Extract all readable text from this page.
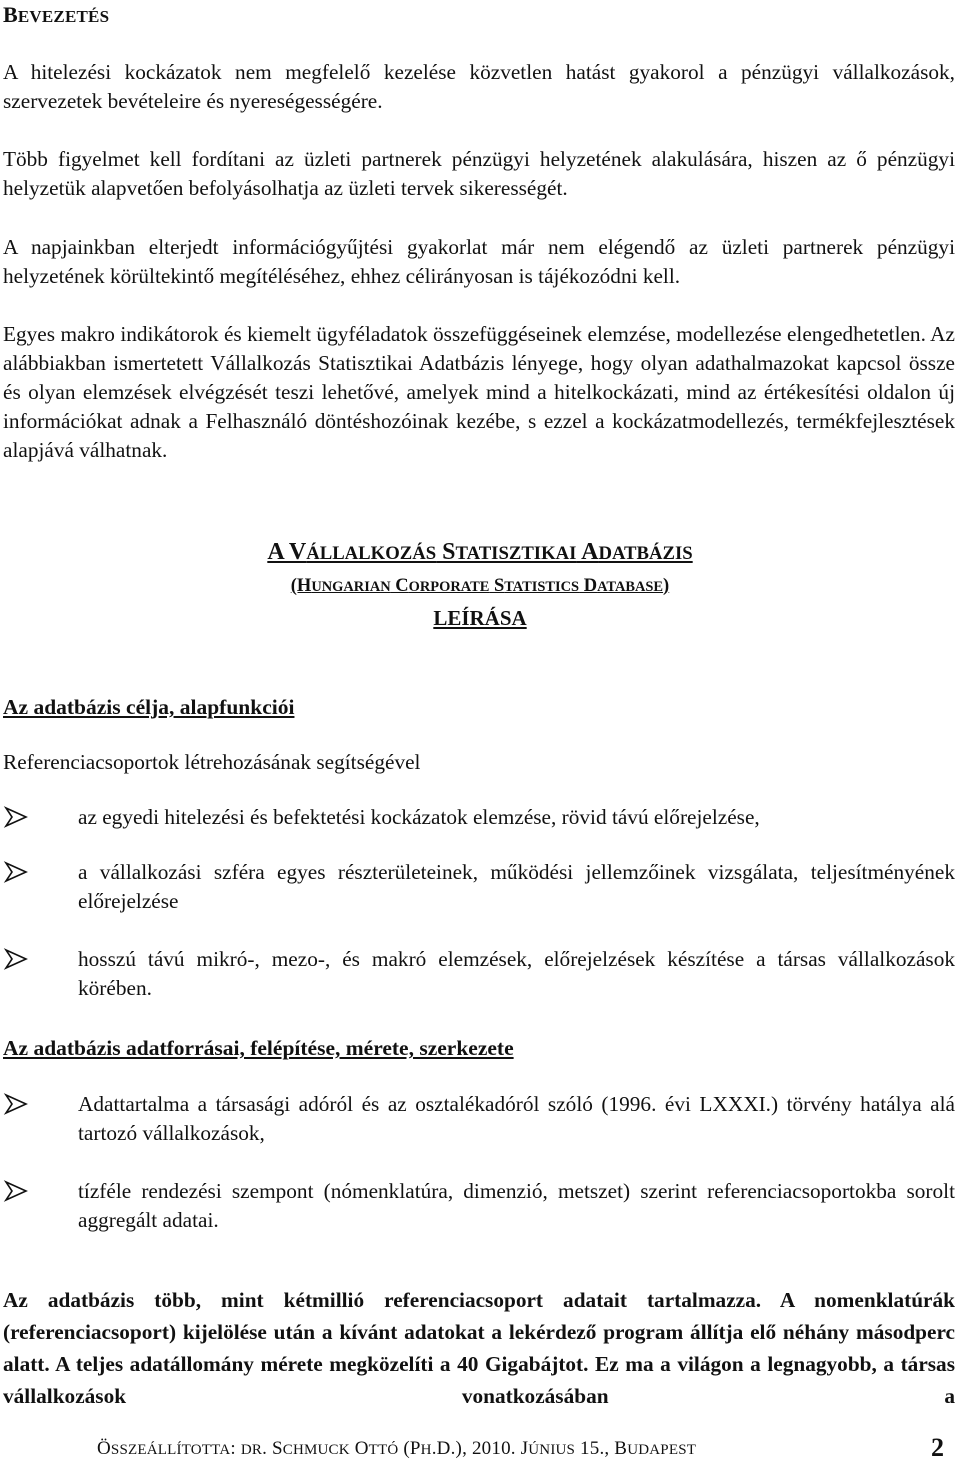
BEVEZETÉS

A hitelezési kockázatok nem megfelelő kezelése közvetlen hatást gyakorol a pénzügyi vállalkozások, szervezetek bevételeire és nyereségességére.

Több figyelmet kell fordítani az üzleti partnerek pénzügyi helyzetének alakulására, hiszen az ő pénzügyi helyzetük alapvetően befolyásolhatja az üzleti tervek sikerességét.

A napjainkban elterjedt információgyűjtési gyakorlat már nem elégendő az üzleti partnerek pénzügyi helyzetének körültekintő megítéléséhez, ehhez célirányosan is tájékozódni kell.

Egyes makro indikátorok és kiemelt ügyféladatok összefüggéseinek elemzése, modellezése elengedhetetlen. Az alábbiakban ismertetett Vállalkozás Statisztikai Adatbázis lényege, hogy olyan adathalmazokat kapcsol össze és olyan elemzések elvégzését teszi lehetővé, amelyek mind a hitelkockázati, mind az értékesítési oldalon új információkat adnak a Felhasználó döntéshozóinak kezébe, s ezzel a kockázatmodellezés, termékfejlesztések alapjává válhatnak.

A VÁLLALKOZÁS STATISZTIKAI ADATBÁZIS
(HUNGARIAN CORPORATE STATISTICS DATABASE)
LEÍRÁSA
Az adatbázis célja, alapfunkciói
Referenciacsoportok létrehozásának segítségével
az egyedi hitelezési és befektetési kockázatok elemzése, rövid távú előrejelzése,
a vállalkozási szféra egyes részterületeinek, működési jellemzőinek vizsgálata, teljesítményének előrejelzése
hosszú távú mikró-, mezo-, és makró elemzések, előrejelzések készítése a társas vállalkozások körében.
Az adatbázis adatforrásai, felépítése, mérete, szerkezete
Adattartalma a társasági adóról és az osztalékadóról szóló (1996. évi LXXXI.) törvény hatálya alá tartozó vállalkozások,
tízféle rendezési szempont (nómenklatúra, dimenzió, metszet) szerint referenciacsoportokba sorolt aggregált adatai.

Az adatbázis több, mint kétmillió referenciacsoport adatait tartalmazza. A nomenklatúrák (referenciacsoport) kijelölése után a kívánt adatokat a lekérdező program állítja elő néhány másodperc alatt. A teljes adatállomány mérete megközelíti a 40 Gigabájtot. Ez ma a világon a legnagyobb, a társas vállalkozások vonatkozásában a

ÖSSZEÁLLÍTOTTA: DR. SCHMUCK OTTÓ (PH.D.), 2010. JÚNIUS 15., BUDAPEST	2
